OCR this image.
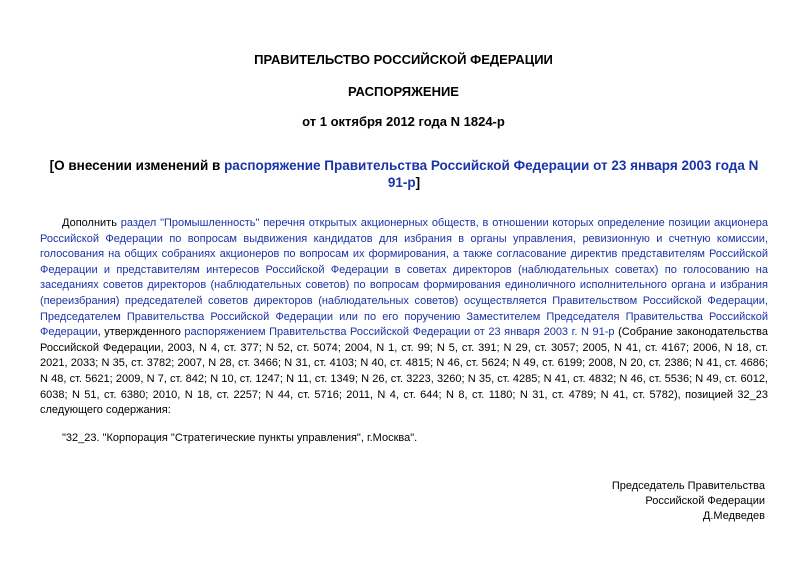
ПРАВИТЕЛЬСТВО РОССИЙСКОЙ ФЕДЕРАЦИИ
РАСПОРЯЖЕНИЕ
от 1 октября 2012 года N 1824-р
[О внесении изменений в распоряжение Правительства Российской Федерации от 23 января 2003 года N 91-р]

Дополнить раздел "Промышленность" перечня открытых акционерных обществ, в отношении которых определение позиции акционера Российской Федерации по вопросам выдвижения кандидатов для избрания в органы управления, ревизионную и счетную комиссии, голосования на общих собраниях акционеров по вопросам их формирования, а также согласование директив представителям Российской Федерации и представителям интересов Российской Федерации в советах директоров (наблюдательных советах) по голосованию на заседаниях советов директоров (наблюдательных советов) по вопросам формирования единоличного исполнительного органа и избрания (переизбрания) председателей советов директоров (наблюдательных советов) осуществляется Правительством Российской Федерации, Председателем Правительства Российской Федерации или по его поручению Заместителем Председателя Правительства Российской Федерации, утвержденного распоряжением Правительства Российской Федерации от 23 января 2003 г. N 91-р (Собрание законодательства Российской Федерации, 2003, N 4, ст. 377; N 52, ст. 5074; 2004, N 1, ст. 99; N 5, ст. 391; N 29, ст. 3057; 2005, N 41, ст. 4167; 2006, N 18, ст. 2021, 2033; N 35, ст. 3782; 2007, N 28, ст. 3466; N 31, ст. 4103; N 40, ст. 4815; N 46, ст. 5624; N 49, ст. 6199; 2008, N 20, ст. 2386; N 41, ст. 4686; N 48, ст. 5621; 2009, N 7, ст. 842; N 10, ст. 1247; N 11, ст. 1349; N 26, ст. 3223, 3260; N 35, ст. 4285; N 41, ст. 4832; N 46, ст. 5536; N 49, ст. 6012, 6038; N 51, ст. 6380; 2010, N 18, ст. 2257; N 44, ст. 5716; 2011, N 4, ст. 644; N 8, ст. 1180; N 31, ст. 4789; N 41, ст. 5782), позицией 32_23 следующего содержания:

"32_23. "Корпорация "Стратегические пункты управления", г.Москва".

Председатель Правительства
Российской Федерации
Д.Медведев
